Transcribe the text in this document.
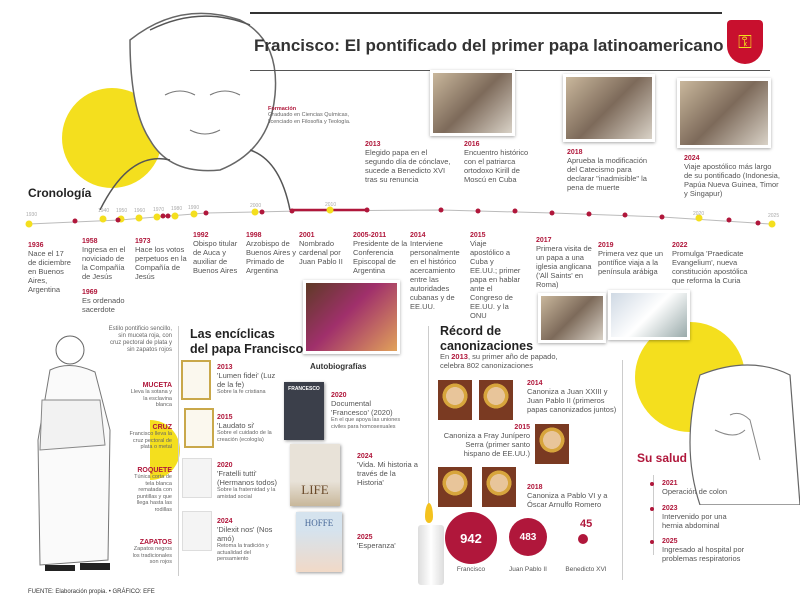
Francisco: El pontificado del primer papa latinoamericano ⚿
Formación
Graduado en Ciencias Químicas, licenciado en Filosofía y Teología.
Cronología
1930
1940 1950 1960 1970 1980 1990	2000	2010
2020	2025
1936
Nace el 17 de diciembre en Buenos Aires, Argentina
1958
Ingresa en el noviciado de la Compañía de Jesús
1969
Es ordenado sacerdote
1973
Hace los votos perpetuos en la Compañía de Jesús
1992
Obispo titular de Auca y auxiliar de Buenos Aires
1998
Arzobispo de Buenos Aires y Primado de Argentina
2001
Nombrado cardenal por Juan Pablo II
2005-2011
Presidente de la Conferencia Episcopal de Argentina
2013
Elegido papa en el segundo día de cónclave, sucede a Benedicto XVI tras su renuncia
2014
Interviene personalmente en el histórico acercamiento entre las autoridades cubanas y de EE.UU.
2015
Viaje apostólico a Cuba y EE.UU.; primer papa en hablar ante el Congreso de EE.UU. y la ONU
2016
Encuentro histórico con el patriarca ortodoxo Kirill de Moscú en Cuba
2017
Primera visita de un papa a una iglesia anglicana ('All Saints' en Roma)
2018
Aprueba la modificación del Catecismo para declarar "inadmisible" la pena de muerte
2019
Primera vez que un pontífice viaja a la península arábiga
2022
Promulga 'Praedicate Evangelium', nueva constitución apostólica que reforma la Curia
2024
Viaje apostólico más largo de su pontificado (Indonesia, Papúa Nueva Guinea, Timor y Singapur)
Estilo pontificio sencillo, sin muceta roja, con cruz pectoral de plata y sin zapatos rojos
MUCETA
Lleva la sotana y la esclavina blanca
CRUZ
Francisco lleva la cruz pectoral de plata o metal
ROQUETE
Túnica corta de tela blanca rematada con puntillas y que llega hasta las rodillas
ZAPATOS
Zapatos negros los tradicionales son rojos
Las encíclicas
del papa Francisco
2013
'Lumen fidei' (Luz de la fe)
Sobre la fe cristiana
2015
'Laudato si'
Sobre el cuidado de la creación (ecología)
2020
'Fratelli tutti' (Hermanos todos)
Sobre la fraternidad y la amistad social
2024
'Dilexit nos' (Nos amó)
Retoma la tradición y actualidad del pensamiento
Autobiografías
FRANCESCO
LIFE
HOFFE
2020
Documental 'Francesco' (2020)
En el que apoya las uniones civiles para homosexuales
2024
'Vida. Mi historia a través de la Historia'
2025
'Esperanza'
Récord de
canonizaciones
En 2013, su primer año de papado, celebra 802 canonizaciones
2014
Canoniza a Juan XXIII y Juan Pablo II (primeros papas canonizados juntos)
2015
Canoniza a Fray Junípero Serra (primer santo hispano de EE.UU.)
2018
Canoniza a Pablo VI y a Óscar Arnulfo Romero
942	483
45
Francisco	Juan Pablo II	Benedicto XVI
Su salud
2021
Operación de colon
2023
Intervenido por una hernia abdominal
2025
Ingresado al hospital por problemas respiratorios
FUENTE: Elaboración propia. • GRÁFICO: EFE
